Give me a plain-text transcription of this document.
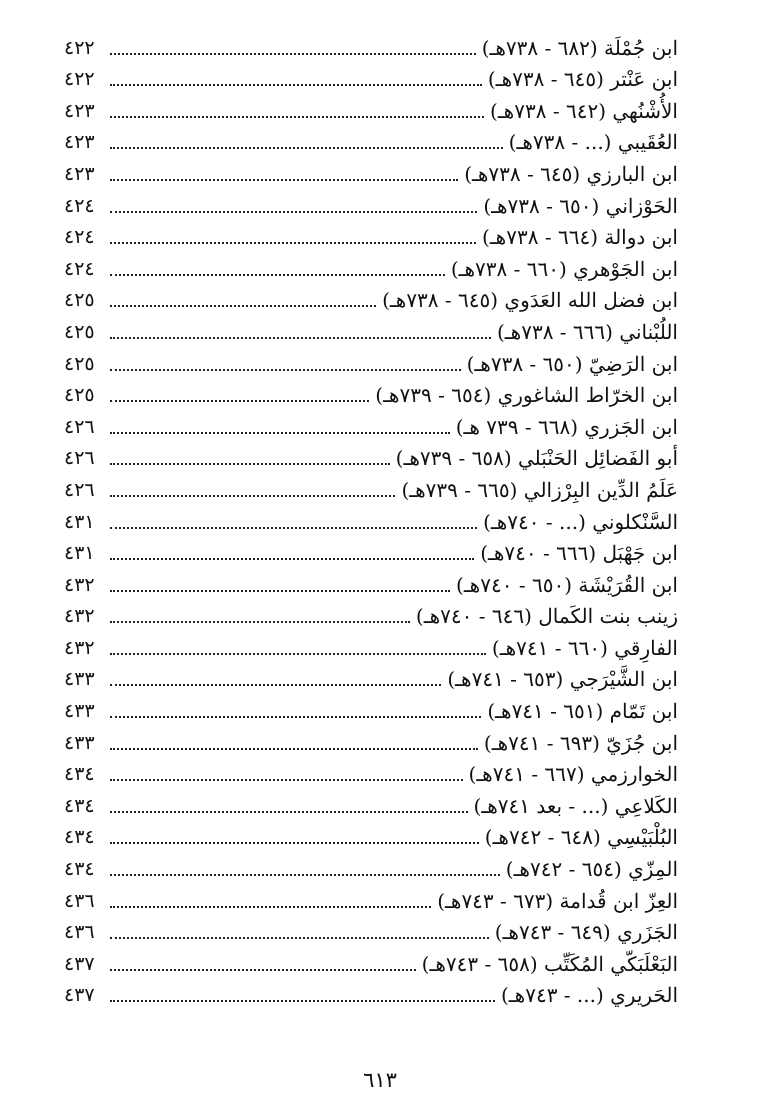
ابن جُمْلَة (٦٨٢ - ٧٣٨هـ)
٤٢٢
ابن عَنْتر (٦٤٥ - ٧٣٨هـ)
٤٢٢
الأُشْنُهي (٦٤٢ - ٧٣٨هـ)
٤٢٣
العُقَيبي (... - ٧٣٨هـ)
٤٢٣
ابن البارزي (٦٤٥ - ٧٣٨هـ)
٤٢٣
الحَوْزاني (٦٥٠ - ٧٣٨هـ)
٤٢٤
ابن دوالة (٦٦٤ - ٧٣٨هـ)
٤٢٤
ابن الجَوْهري (٦٦٠ - ٧٣٨هـ)
٤٢٤
ابن فضل الله العَدَوي (٦٤٥ - ٧٣٨هـ)
٤٢٥
اللُبْناني (٦٦٦ - ٧٣٨هـ)
٤٢٥
ابن الرَضِيّ (٦٥٠ - ٧٣٨هـ)
٤٢٥
ابن الخرّاط الشاغوري (٦٥٤ - ٧٣٩هـ)
٤٢٥
ابن الجَزري (٦٦٨ - ٧٣٩ هـ)
٤٢٦
أبو الفَضائِل الحَنْبَلي (٦٥٨ - ٧٣٩هـ)
٤٢٦
عَلَمُ الدِّين البِرْزالي (٦٦٥ - ٧٣٩هـ)
٤٢٦
السَّنْكلوني (... - ٧٤٠هـ)
٤٣١
ابن جَهْبَل (٦٦٦ - ٧٤٠هـ)
٤٣١
ابن القُرَيْشَة (٦٥٠ - ٧٤٠هـ)
٤٣٢
زينب بنت الكَمال (٦٤٦ - ٧٤٠هـ)
٤٣٢
الفارِقي (٦٦٠ - ٧٤١هـ)
٤٣٢
ابن الشَّيْرَجي (٦٥٣ - ٧٤١هـ)
٤٣٣
ابن تَمّام (٦٥١ - ٧٤١هـ)
٤٣٣
ابن جُزَيّ (٦٩٣ - ٧٤١هـ)
٤٣٣
الخوارزمي (٦٦٧ - ٧٤١هـ)
٤٣٤
الكَلاعِي (... - بعد ٧٤١هـ)
٤٣٤
البُلْبَيْسِي (٦٤٨ - ٧٤٢هـ)
٤٣٤
المِزّي (٦٥٤ - ٧٤٢هـ)
٤٣٤
العِزّ ابن قُدامة (٦٧٣ - ٧٤٣هـ)
٤٣٦
الجَزَري (٦٤٩ - ٧٤٣هـ)
٤٣٦
البَعْلَبَكّي المُكَتِّب (٦٥٨ - ٧٤٣هـ)
٤٣٧
الحَريري (... - ٧٤٣هـ)
٤٣٧
٦١٣
